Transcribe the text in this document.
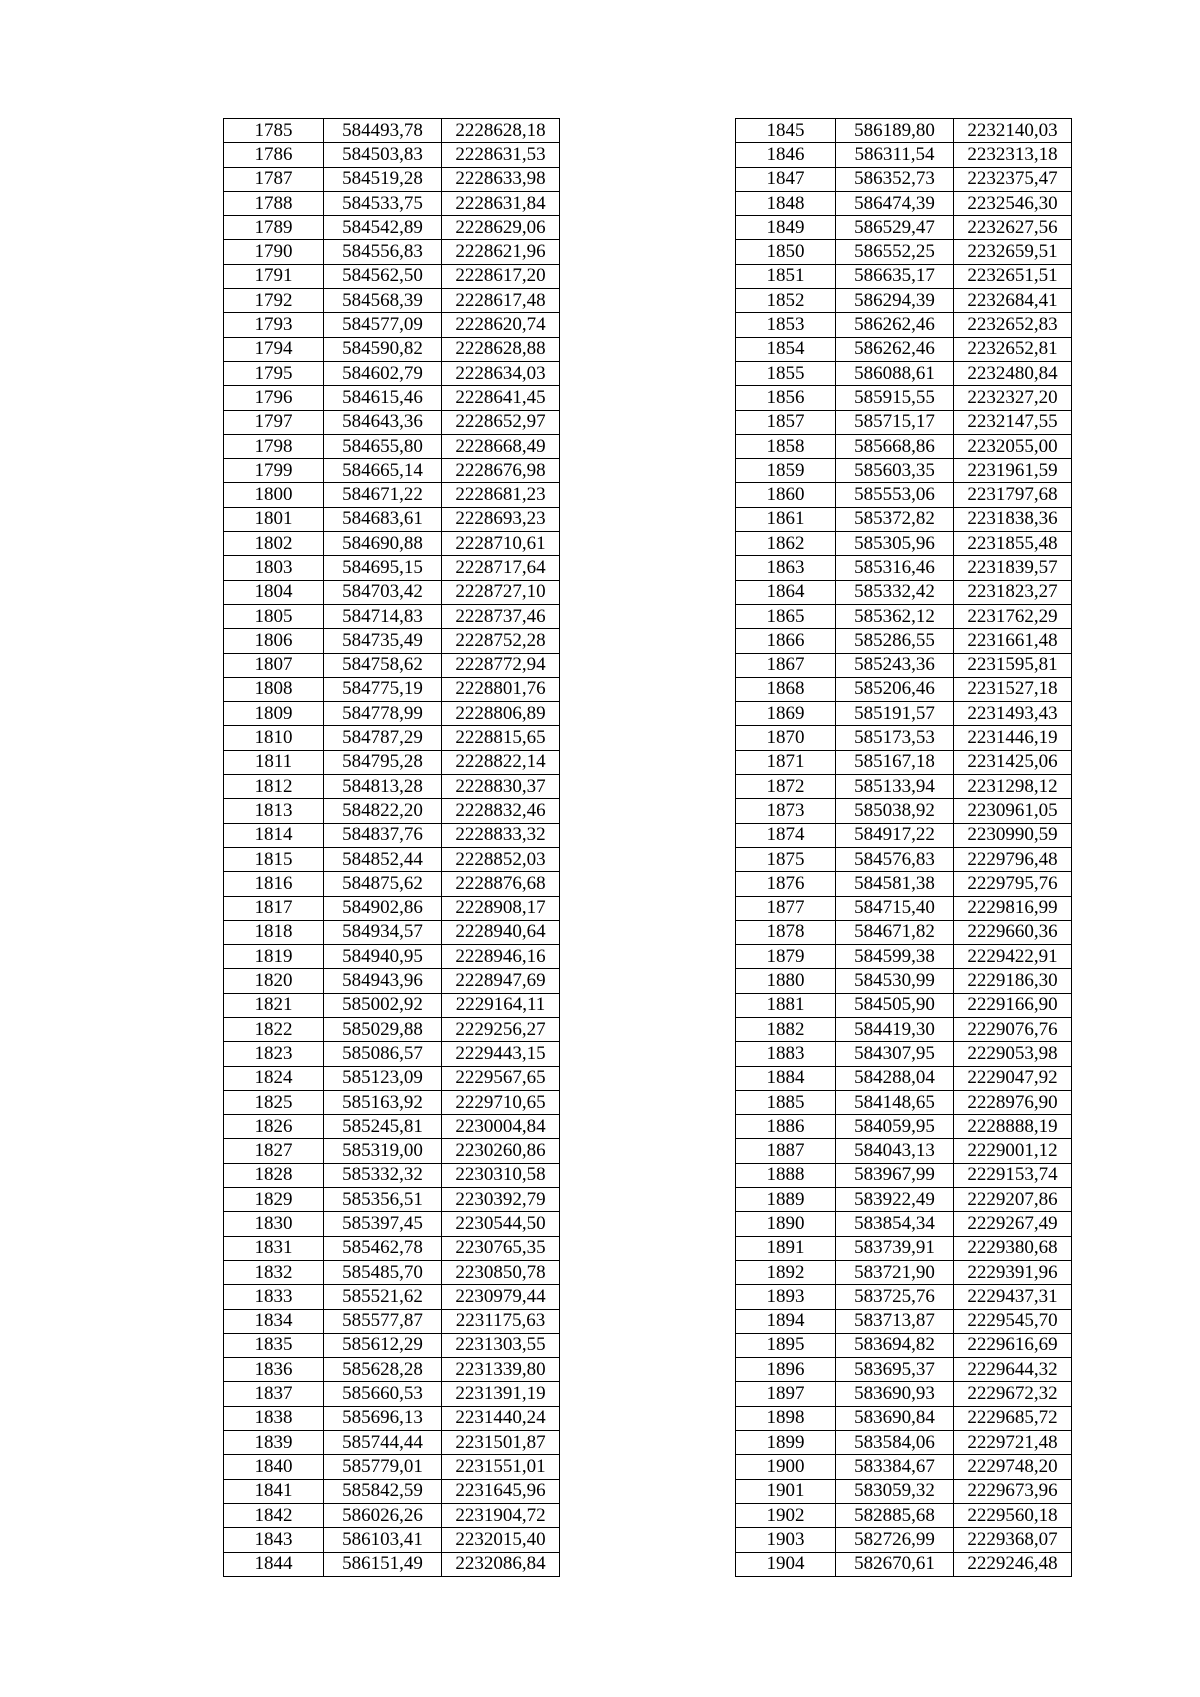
1785	584493,78	2228628,18
1786	584503,83	2228631,53
1787	584519,28	2228633,98
1788	584533,75	2228631,84
1789	584542,89	2228629,06
1790	584556,83	2228621,96
1791	584562,50	2228617,20
1792	584568,39	2228617,48
1793	584577,09	2228620,74
1794	584590,82	2228628,88
1795	584602,79	2228634,03
1796	584615,46	2228641,45
1797	584643,36	2228652,97
1798	584655,80	2228668,49
1799	584665,14	2228676,98
1800	584671,22	2228681,23
1801	584683,61	2228693,23
1802	584690,88	2228710,61
1803	584695,15	2228717,64
1804	584703,42	2228727,10
1805	584714,83	2228737,46
1806	584735,49	2228752,28
1807	584758,62	2228772,94
1808	584775,19	2228801,76
1809	584778,99	2228806,89
1810	584787,29	2228815,65
1811	584795,28	2228822,14
1812	584813,28	2228830,37
1813	584822,20	2228832,46
1814	584837,76	2228833,32
1815	584852,44	2228852,03
1816	584875,62	2228876,68
1817	584902,86	2228908,17
1818	584934,57	2228940,64
1819	584940,95	2228946,16
1820	584943,96	2228947,69
1821	585002,92	2229164,11
1822	585029,88	2229256,27
1823	585086,57	2229443,15
1824	585123,09	2229567,65
1825	585163,92	2229710,65
1826	585245,81	2230004,84
1827	585319,00	2230260,86
1828	585332,32	2230310,58
1829	585356,51	2230392,79
1830	585397,45	2230544,50
1831	585462,78	2230765,35
1832	585485,70	2230850,78
1833	585521,62	2230979,44
1834	585577,87	2231175,63
1835	585612,29	2231303,55
1836	585628,28	2231339,80
1837	585660,53	2231391,19
1838	585696,13	2231440,24
1839	585744,44	2231501,87
1840	585779,01	2231551,01
1841	585842,59	2231645,96
1842	586026,26	2231904,72
1843	586103,41	2232015,40
1844	586151,49	2232086,84
1845	586189,80	2232140,03
1846	586311,54	2232313,18
1847	586352,73	2232375,47
1848	586474,39	2232546,30
1849	586529,47	2232627,56
1850	586552,25	2232659,51
1851	586635,17	2232651,51
1852	586294,39	2232684,41
1853	586262,46	2232652,83
1854	586262,46	2232652,81
1855	586088,61	2232480,84
1856	585915,55	2232327,20
1857	585715,17	2232147,55
1858	585668,86	2232055,00
1859	585603,35	2231961,59
1860	585553,06	2231797,68
1861	585372,82	2231838,36
1862	585305,96	2231855,48
1863	585316,46	2231839,57
1864	585332,42	2231823,27
1865	585362,12	2231762,29
1866	585286,55	2231661,48
1867	585243,36	2231595,81
1868	585206,46	2231527,18
1869	585191,57	2231493,43
1870	585173,53	2231446,19
1871	585167,18	2231425,06
1872	585133,94	2231298,12
1873	585038,92	2230961,05
1874	584917,22	2230990,59
1875	584576,83	2229796,48
1876	584581,38	2229795,76
1877	584715,40	2229816,99
1878	584671,82	2229660,36
1879	584599,38	2229422,91
1880	584530,99	2229186,30
1881	584505,90	2229166,90
1882	584419,30	2229076,76
1883	584307,95	2229053,98
1884	584288,04	2229047,92
1885	584148,65	2228976,90
1886	584059,95	2228888,19
1887	584043,13	2229001,12
1888	583967,99	2229153,74
1889	583922,49	2229207,86
1890	583854,34	2229267,49
1891	583739,91	2229380,68
1892	583721,90	2229391,96
1893	583725,76	2229437,31
1894	583713,87	2229545,70
1895	583694,82	2229616,69
1896	583695,37	2229644,32
1897	583690,93	2229672,32
1898	583690,84	2229685,72
1899	583584,06	2229721,48
1900	583384,67	2229748,20
1901	583059,32	2229673,96
1902	582885,68	2229560,18
1903	582726,99	2229368,07
1904	582670,61	2229246,48
